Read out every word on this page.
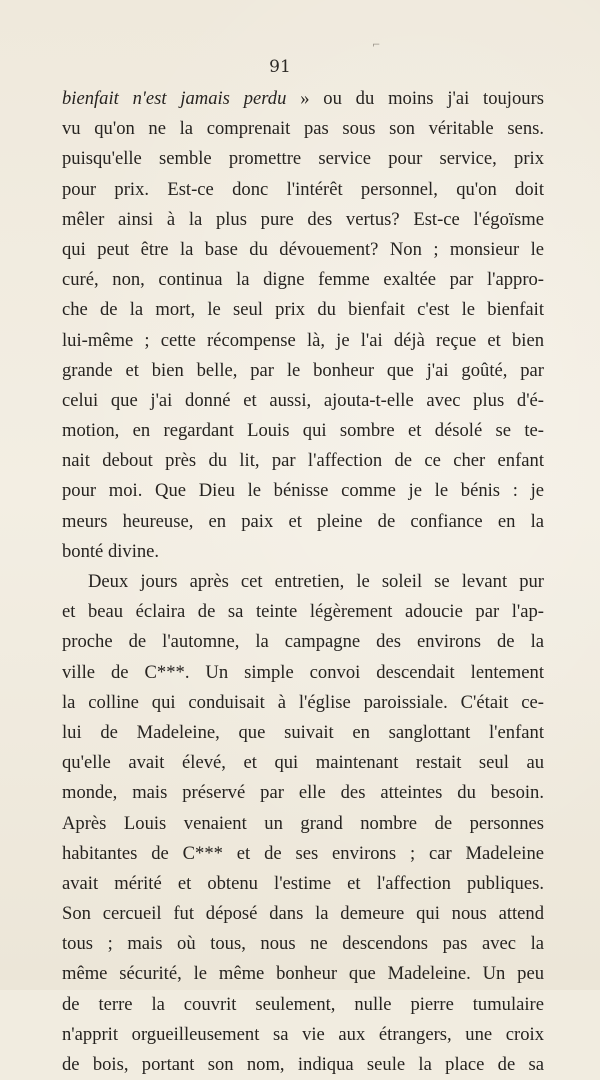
⌐
91
bienfait n'est jamais perdu » ou du moins j'ai toujours
vu qu'on ne la comprenait pas sous son véritable sens.
puisqu'elle semble promettre service pour service, prix
pour prix. Est-ce donc l'intérêt personnel, qu'on doit
mêler ainsi à la plus pure des vertus? Est-ce l'égoïsme
qui peut être la base du dévouement? Non ; monsieur le
curé, non, continua la digne femme exaltée par l'appro-
che de la mort, le seul prix du bienfait c'est le bienfait
lui-même ; cette récompense là, je l'ai déjà reçue et bien
grande et bien belle, par le bonheur que j'ai goûté, par
celui que j'ai donné et aussi, ajouta-t-elle avec plus d'é-
motion, en regardant Louis qui sombre et désolé se te-
nait debout près du lit, par l'affection de ce cher enfant
pour moi. Que Dieu le bénisse comme je le bénis : je
meurs heureuse, en paix et pleine de confiance en la
bonté divine.
Deux jours après cet entretien, le soleil se levant pur
et beau éclaira de sa teinte légèrement adoucie par l'ap-
proche de l'automne, la campagne des environs de la
ville de C***. Un simple convoi descendait lentement
la colline qui conduisait à l'église paroissiale. C'était ce-
lui de Madeleine, que suivait en sanglottant l'enfant
qu'elle avait élevé, et qui maintenant restait seul au
monde, mais préservé par elle des atteintes du besoin.
Après Louis venaient un grand nombre de personnes
habitantes de C*** et de ses environs ; car Madeleine
avait mérité et obtenu l'estime et l'affection publiques.
Son cercueil fut déposé dans la demeure qui nous attend
tous ; mais où tous, nous ne descendons pas avec la
même sécurité, le même bonheur que Madeleine. Un peu
de terre la couvrit seulement, nulle pierre tumulaire
n'apprit orgueilleusement sa vie aux étrangers, une croix
de bois, portant son nom, indiqua seule la place de sa
